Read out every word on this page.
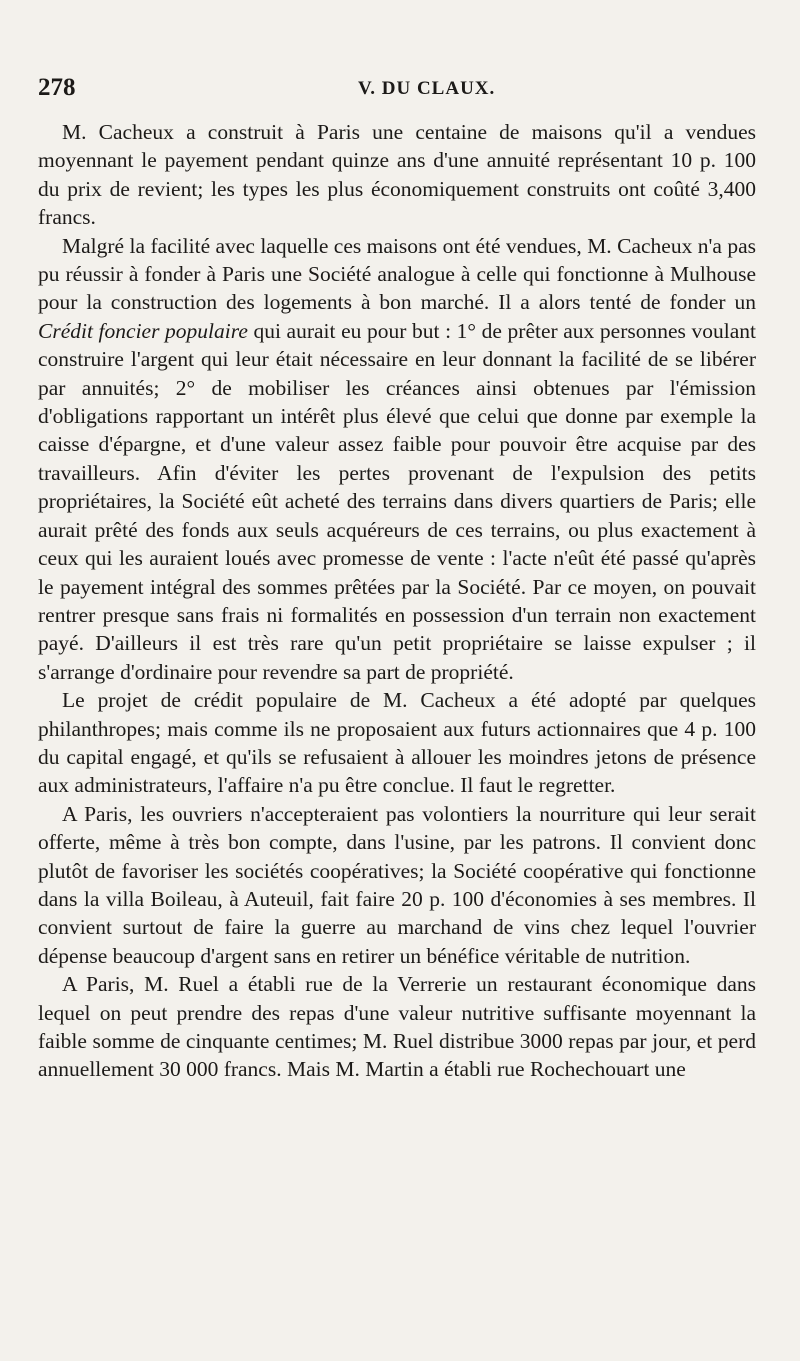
278	V. DU CLAUX.

M. Cacheux a construit à Paris une centaine de maisons qu'il a vendues moyennant le payement pendant quinze ans d'une annuité représentant 10 p. 100 du prix de revient; les types les plus économiquement construits ont coûté 3,400 francs.

Malgré la facilité avec laquelle ces maisons ont été vendues, M. Cacheux n'a pas pu réussir à fonder à Paris une Société analogue à celle qui fonctionne à Mulhouse pour la construction des logements à bon marché. Il a alors tenté de fonder un Crédit foncier populaire qui aurait eu pour but : 1° de prêter aux personnes voulant construire l'argent qui leur était nécessaire en leur donnant la facilité de se libérer par annuités; 2° de mobiliser les créances ainsi obtenues par l'émission d'obligations rapportant un intérêt plus élevé que celui que donne par exemple la caisse d'épargne, et d'une valeur assez faible pour pouvoir être acquise par des travailleurs. Afin d'éviter les pertes provenant de l'expulsion des petits propriétaires, la Société eût acheté des terrains dans divers quartiers de Paris; elle aurait prêté des fonds aux seuls acquéreurs de ces terrains, ou plus exactement à ceux qui les auraient loués avec promesse de vente : l'acte n'eût été passé qu'après le payement intégral des sommes prêtées par la Société. Par ce moyen, on pouvait rentrer presque sans frais ni formalités en possession d'un terrain non exactement payé. D'ailleurs il est très rare qu'un petit propriétaire se laisse expulser ; il s'arrange d'ordinaire pour revendre sa part de propriété.

Le projet de crédit populaire de M. Cacheux a été adopté par quelques philanthropes; mais comme ils ne proposaient aux futurs actionnaires que 4 p. 100 du capital engagé, et qu'ils se refusaient à allouer les moindres jetons de présence aux administrateurs, l'affaire n'a pu être conclue. Il faut le regretter.

A Paris, les ouvriers n'accepteraient pas volontiers la nourriture qui leur serait offerte, même à très bon compte, dans l'usine, par les patrons. Il convient donc plutôt de favoriser les sociétés coopératives; la Société coopérative qui fonctionne dans la villa Boileau, à Auteuil, fait faire 20 p. 100 d'économies à ses membres. Il convient surtout de faire la guerre au marchand de vins chez lequel l'ouvrier dépense beaucoup d'argent sans en retirer un bénéfice véritable de nutrition.

A Paris, M. Ruel a établi rue de la Verrerie un restaurant économique dans lequel on peut prendre des repas d'une valeur nutritive suffisante moyennant la faible somme de cinquante centimes; M. Ruel distribue 3000 repas par jour, et perd annuellement 30 000 francs. Mais M. Martin a établi rue Rochechouart une
